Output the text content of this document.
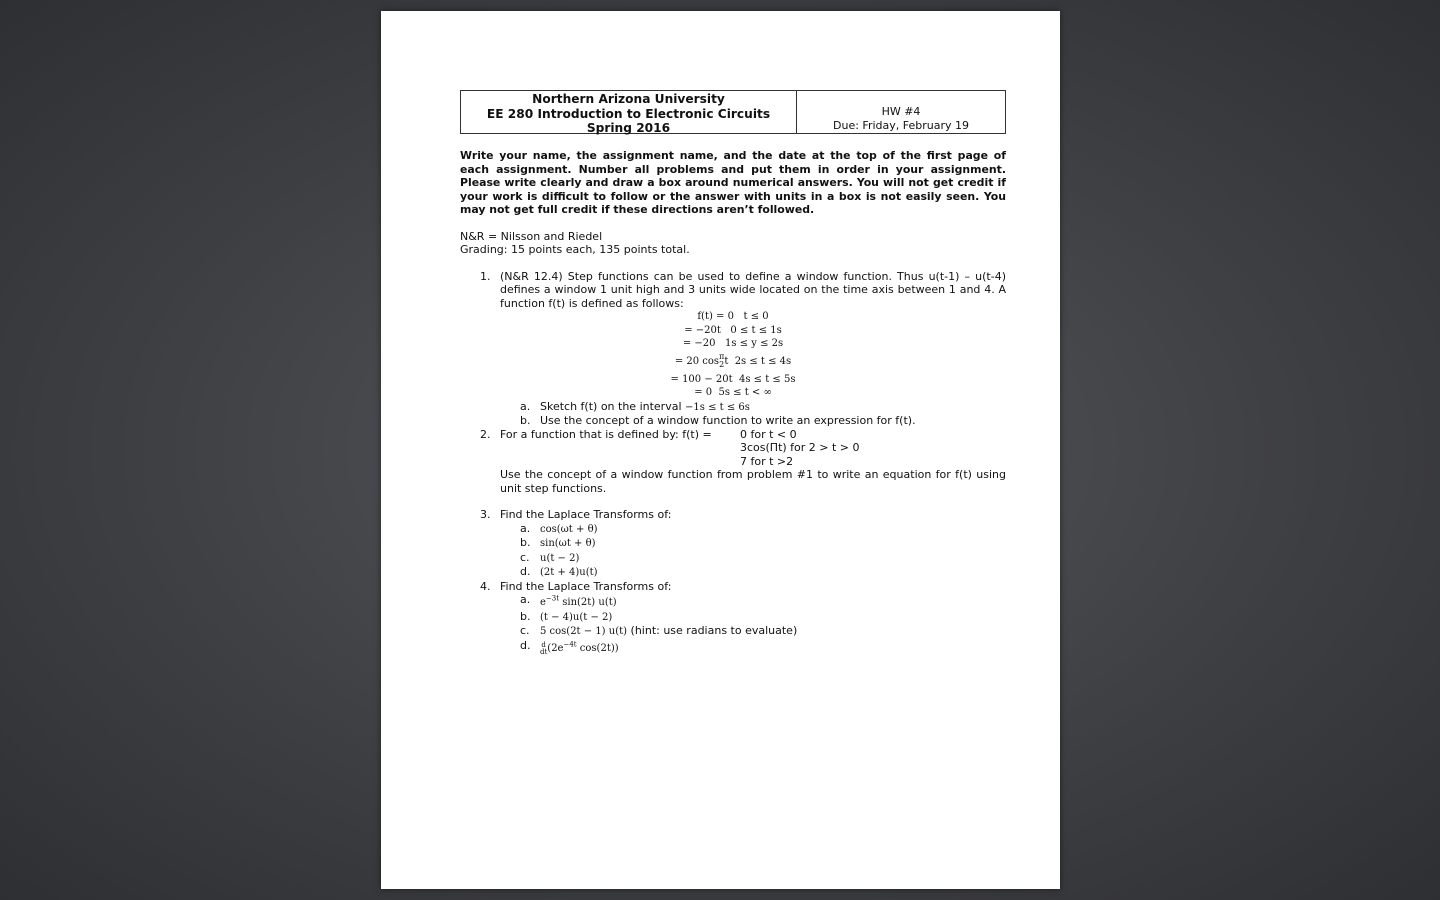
Northern Arizona University
EE 280 Introduction to Electronic Circuits
Spring 2016
HW #4
Due: Friday, February 19
Write your name, the assignment name, and the date at the top of the first page of each assignment. Number all problems and put them in order in your assignment. Please write clearly and draw a box around numerical answers. You will not get credit if your work is difficult to follow or the answer with units in a box is not easily seen. You may not get full credit if these directions aren’t followed.
N&R = Nilsson and Riedel
Grading: 15 points each, 135 points total.
1. (N&R 12.4) Step functions can be used to define a window function. Thus u(t-1) – u(t-4) defines a window 1 unit high and 3 units wide located on the time axis between 1 and 4. A function f(t) is defined as follows:
f(t) = 0   t ≤ 0
= −20t   0 ≤ t ≤ 1s
= −20   1s ≤ y ≤ 2s
= 20 cos π
2 t  2s ≤ t ≤ 4s
= 100 − 20t  4s ≤ t ≤ 5s
= 0  5s ≤ t < ∞
a. Sketch f(t) on the interval −1s ≤ t ≤ 6s
b. Use the concept of a window function to write an expression for f(t).
2. For a function that is defined by: f(t) =	0 for t < 0
3cos(Πt) for 2 > t > 0
7 for t >2
Use the concept of a window function from problem #1 to write an equation for f(t) using unit step functions.
3. Find the Laplace Transforms of:
a. cos(ωt + θ)
b. sin(ωt + θ)
c. u(t − 2)
d. (2t + 4)u(t)
4. Find the Laplace Transforms of:
a. $e^{-3t}$ sin(2t) u(t)
b. (t − 4)u(t − 2)
c. 5 cos(2t − 1) u(t) (hint: use radians to evaluate)
d. d
dt ($2e^{-4t}$ cos(2t))
